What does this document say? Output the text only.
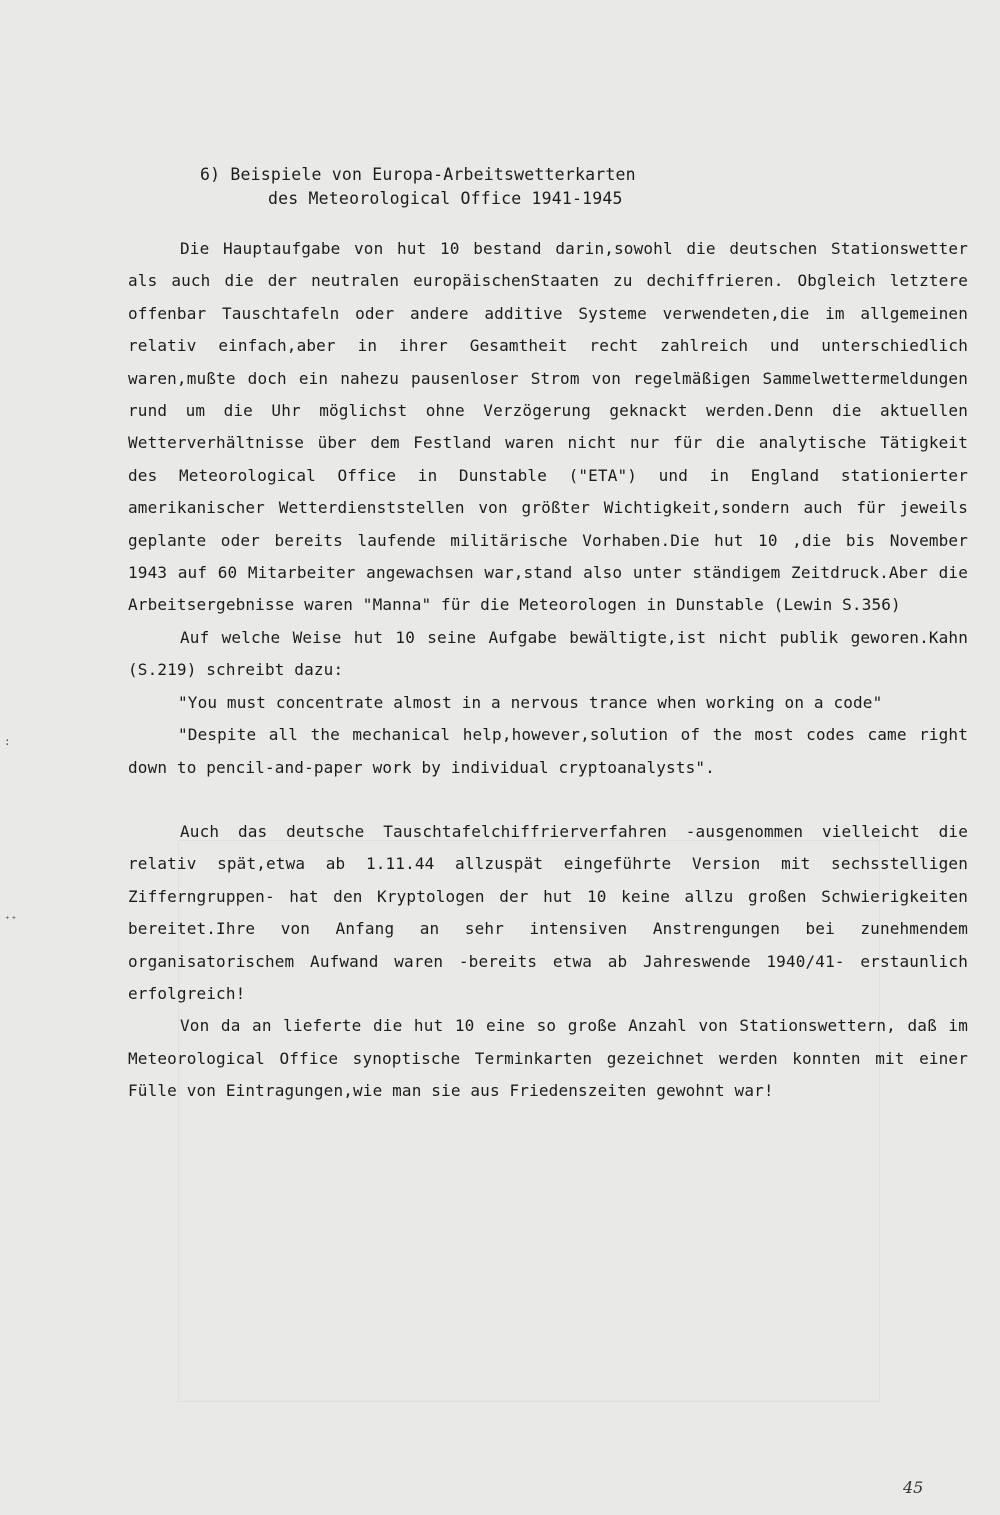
⁺⁺
:
6) Beispiele von Europa-Arbeitswetterkarten
des Meteorological Office 1941-1945

Die Hauptaufgabe von hut 10 bestand darin,sowohl die deutschen Stationswetter als auch die der neutralen europäischenStaaten zu dechiffrieren. Obgleich letztere offenbar Tauschtafeln oder andere additive Systeme verwendeten,die im allgemeinen relativ einfach,aber in ihrer Gesamtheit recht zahlreich und unterschiedlich waren,mußte doch ein nahezu pausenloser Strom von regelmäßigen Sammelwettermeldungen rund um die Uhr möglichst ohne Verzögerung geknackt werden.Denn die aktuellen Wetterverhältnisse über dem Festland waren nicht nur für die analytische Tätigkeit des Meteorological Office in Dunstable ("ETA") und in England stationierter amerikanischer Wetterdienststellen von größter Wichtigkeit,sondern auch für jeweils geplante oder bereits laufende militärische Vorhaben.Die hut 10 ,die bis November 1943 auf 60 Mitarbeiter angewachsen war,stand also unter ständigem Zeitdruck.Aber die Arbeitsergebnisse waren "Manna" für die Meteorologen in Dunstable (Lewin S.356)

Auf welche Weise hut 10 seine Aufgabe bewältigte,ist nicht publik geworen.Kahn (S.219) schreibt dazu:

"You must concentrate almost in a nervous trance when working on a code"

"Despite all the mechanical help,however,solution of the most codes came right down to pencil-and-paper work by individual cryptoanalysts".

Auch das deutsche Tauschtafelchiffrierverfahren -ausgenommen vielleicht die relativ spät,etwa ab 1.11.44 allzuspät eingeführte Version mit sechsstelligen Zifferngruppen- hat den Kryptologen der hut 10 keine allzu großen Schwierigkeiten bereitet.Ihre von Anfang an sehr intensiven Anstrengungen bei zunehmendem organisatorischem Aufwand waren -bereits etwa ab Jahreswende 1940/41- erstaunlich erfolgreich!

Von da an lieferte die hut 10 eine so große Anzahl von Stationswettern, daß im Meteorological Office synoptische Terminkarten gezeichnet werden konnten mit einer Fülle von Eintragungen,wie man sie aus Friedenszeiten gewohnt war!

45
